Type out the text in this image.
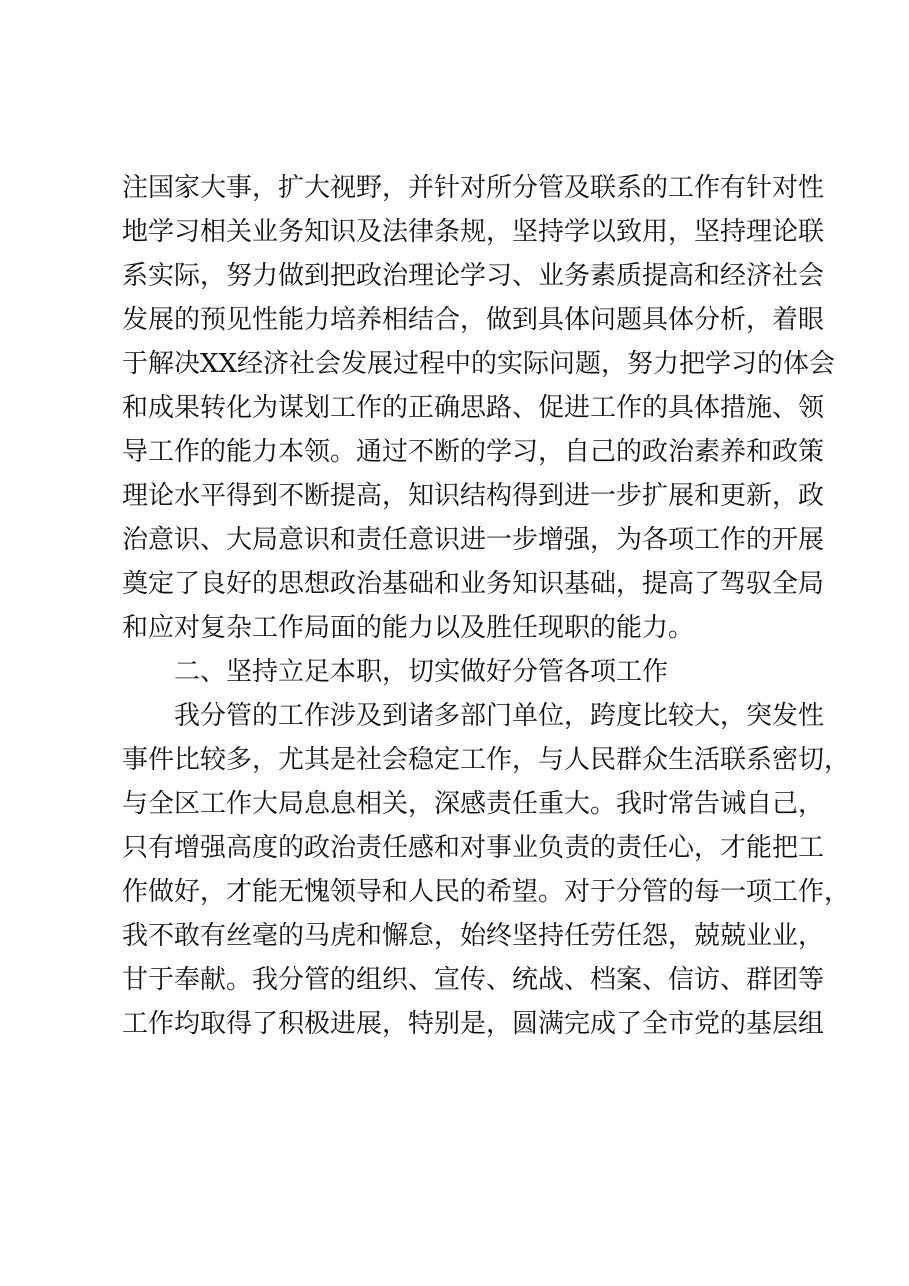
注国家大事，扩大视野，并针对所分管及联系的工作有针对性
地学习相关业务知识及法律条规，坚持学以致用，坚持理论联
系实际，努力做到把政治理论学习、业务素质提高和经济社会
发展的预见性能力培养相结合，做到具体问题具体分析，着眼
于解决XX经济社会发展过程中的实际问题，努力把学习的体会
和成果转化为谋划工作的正确思路、促进工作的具体措施、领
导工作的能力本领。通过不断的学习，自己的政治素养和政策
理论水平得到不断提高，知识结构得到进一步扩展和更新，政
治意识、大局意识和责任意识进一步增强，为各项工作的开展
奠定了良好的思想政治基础和业务知识基础，提高了驾驭全局
和应对复杂工作局面的能力以及胜任现职的能力。
二、坚持立足本职，切实做好分管各项工作
我分管的工作涉及到诸多部门单位，跨度比较大，突发性
事件比较多，尤其是社会稳定工作，与人民群众生活联系密切，
与全区工作大局息息相关，深感责任重大。我时常告诫自己，
只有增强高度的政治责任感和对事业负责的责任心，才能把工
作做好，才能无愧领导和人民的希望。对于分管的每一项工作，
我不敢有丝毫的马虎和懈怠，始终坚持任劳任怨，兢兢业业，
甘于奉献。我分管的组织、宣传、统战、档案、信访、群团等
工作均取得了积极进展，特别是，圆满完成了全市党的基层组
